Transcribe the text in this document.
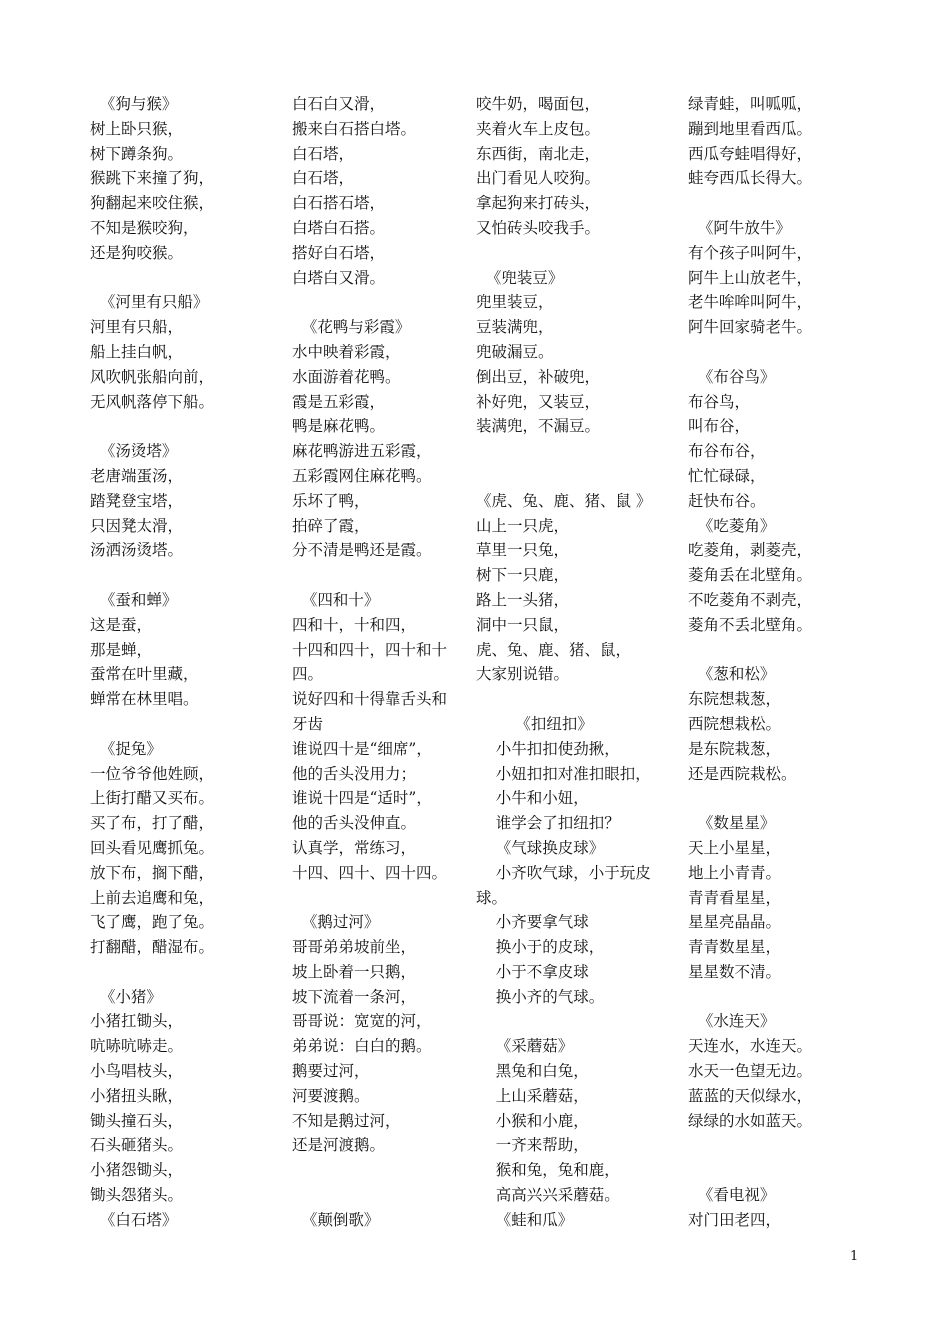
《狗与猴》
树上卧只猴，
树下蹲条狗。
猴跳下来撞了狗，
狗翻起来咬住猴，
不知是猴咬狗，
还是狗咬猴。
《河里有只船》
河里有只船，
船上挂白帆，
风吹帆张船向前，
无风帆落停下船。
《汤烫塔》
老唐端蛋汤，
踏凳登宝塔，
只因凳太滑，
汤洒汤烫塔。
《蚕和蝉》
这是蚕，
那是蝉，
蚕常在叶里藏，
蝉常在林里唱。
《捉兔》
一位爷爷他姓顾，
上街打醋又买布。
买了布，打了醋，
回头看见鹰抓兔。
放下布，搁下醋，
上前去追鹰和兔，
飞了鹰，跑了兔。
打翻醋，醋湿布。
《小猪》
小猪扛锄头，
吭哧吭哧走。
小鸟唱枝头，
小猪扭头瞅，
锄头撞石头，
石头砸猪头。
小猪怨锄头，
锄头怨猪头。
《白石塔》
白石白又滑，
搬来白石搭白塔。
白石塔，
白石塔，
白石搭石塔，
白塔白石搭。
搭好白石塔，
白塔白又滑。
《花鸭与彩霞》
水中映着彩霞，
水面游着花鸭。
霞是五彩霞，
鸭是麻花鸭。
麻花鸭游进五彩霞，
五彩霞网住麻花鸭。
乐坏了鸭，
拍碎了霞，
分不清是鸭还是霞。
《四和十》
四和十，十和四，
十四和四十，四十和十
四。
说好四和十得靠舌头和
牙齿
谁说四十是“细席”，
他的舌头没用力；
谁说十四是“适时”，
他的舌头没伸直。
认真学，常练习，
十四、四十、四十四。
《鹅过河》
哥哥弟弟坡前坐，
坡上卧着一只鹅，
坡下流着一条河，
哥哥说：宽宽的河，
弟弟说：白白的鹅。
鹅要过河，
河要渡鹅。
不知是鹅过河，
还是河渡鹅。
《颠倒歌》
咬牛奶，喝面包，
夹着火车上皮包。
东西街，南北走，
出门看见人咬狗。
拿起狗来打砖头，
又怕砖头咬我手。
《兜装豆》
兜里装豆，
豆装满兜，
兜破漏豆。
倒出豆，补破兜，
补好兜，又装豆，
装满兜，不漏豆。
《虎、兔、鹿、猪、鼠 》
山上一只虎，
草里一只兔，
树下一只鹿，
路上一头猪，
洞中一只鼠，
虎、兔、鹿、猪、鼠，
大家别说错。
《扣纽扣》
小牛扣扣使劲揪，
小妞扣扣对准扣眼扣，
小牛和小妞，
谁学会了扣纽扣？
《气球换皮球》
小齐吹气球，小于玩皮
球。
小齐要拿气球
换小于的皮球，
小于不拿皮球
换小齐的气球。
《采蘑菇》
黑兔和白兔，
上山采蘑菇，
小猴和小鹿，
一齐来帮助，
猴和兔，兔和鹿，
高高兴兴采蘑菇。
《蛙和瓜》
绿青蛙，叫呱呱，
蹦到地里看西瓜。
西瓜夸蛙唱得好，
蛙夸西瓜长得大。
《阿牛放牛》
有个孩子叫阿牛，
阿牛上山放老牛，
老牛哞哞叫阿牛，
阿牛回家骑老牛。
《布谷鸟》
布谷鸟，
叫布谷，
布谷布谷，
忙忙碌碌，
赶快布谷。
《吃菱角》
吃菱角，剥菱壳，
菱角丢在北壁角。
不吃菱角不剥壳，
菱角不丢北壁角。
《葱和松》
东院想栽葱，
西院想栽松。
是东院栽葱，
还是西院栽松。
《数星星》
天上小星星，
地上小青青。
青青看星星，
星星亮晶晶。
青青数星星，
星星数不清。
《水连天》
天连水，水连天。
水天一色望无边。
蓝蓝的天似绿水，
绿绿的水如蓝天。
《看电视》
对门田老四，
1
